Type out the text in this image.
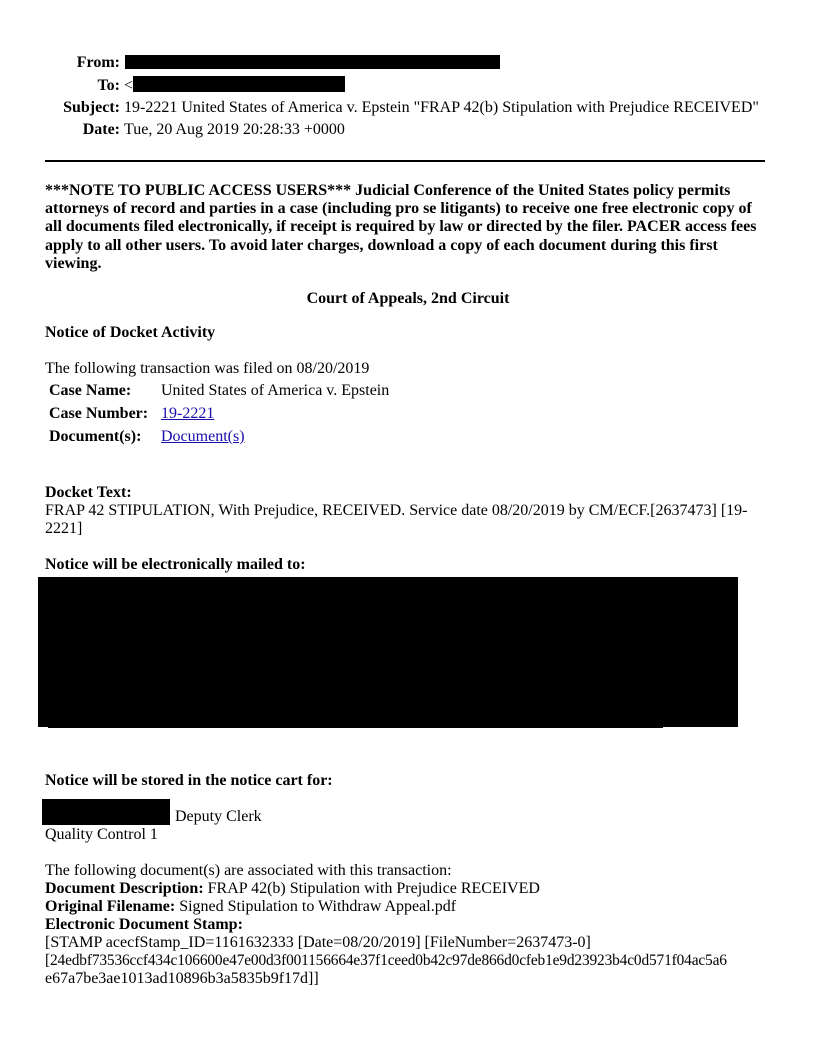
From:
To: <
Subject: 19-2221 United States of America v. Epstein "FRAP 42(b) Stipulation with Prejudice RECEIVED"
Date: Tue, 20 Aug 2019 20:28:33 +0000
***NOTE TO PUBLIC ACCESS USERS*** Judicial Conference of the United States policy permits attorneys of record and parties in a case (including pro se litigants) to receive one free electronic copy of all documents filed electronically, if receipt is required by law or directed by the filer. PACER access fees apply to all other users. To avoid later charges, download a copy of each document during this first viewing.
Court of Appeals, 2nd Circuit
Notice of Docket Activity
The following transaction was filed on 08/20/2019
Case Name: United States of America v. Epstein
Case Number: 19-2221
Document(s): Document(s)
Docket Text:
FRAP 42 STIPULATION, With Prejudice, RECEIVED. Service date 08/20/2019 by CM/ECF.[2637473] [19-2221]
Notice will be electronically mailed to:
Notice will be stored in the notice cart for:
Deputy Clerk
Quality Control 1
The following document(s) are associated with this transaction:
Document Description: FRAP 42(b) Stipulation with Prejudice RECEIVED
Original Filename: Signed Stipulation to Withdraw Appeal.pdf
Electronic Document Stamp:
[STAMP acecfStamp_ID=1161632333 [Date=08/20/2019] [FileNumber=2637473-0]
[24edbf73536ccf434c106600e47e00d3f001156664e37f1ceed0b42c97de866d0cfeb1e9d23923b4c0d571f04ac5a6
e67a7be3ae1013ad10896b3a5835b9f17d]]
